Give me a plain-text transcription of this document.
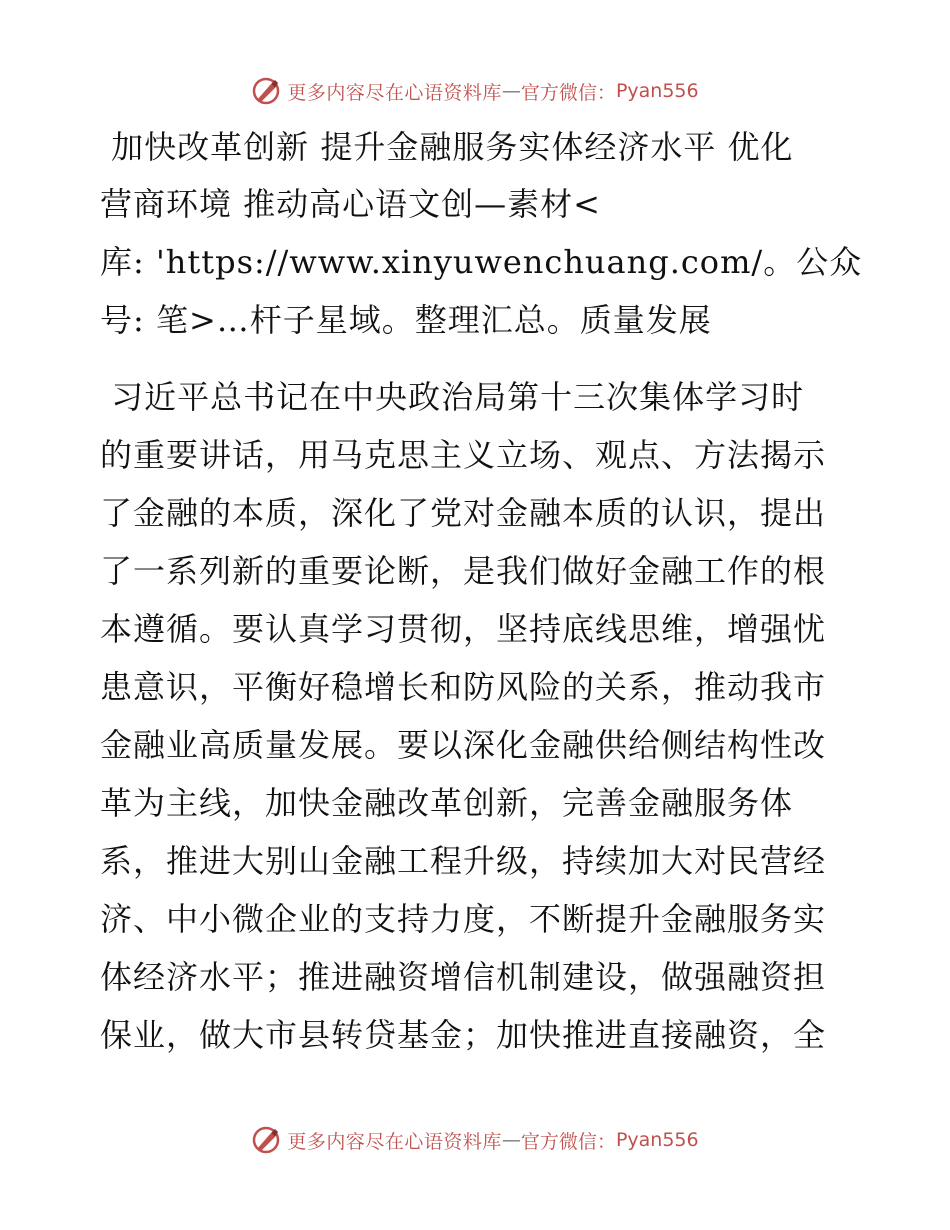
更多内容尽在心语资料库 — 官方微信： Pyan556
加快改革创新 提升金融服务实体经济水平 优化
营商环境 推动高心语文创—素材<
库: 'https://www.xinyuwenchuang.com/。公众
号: 笔>…杆子星域。整理汇总。质量发展
习近平总书记在中央政治局第十三次集体学习时
的重要讲话，用马克思主义立场、观点、方法揭示
了金融的本质，深化了党对金融本质的认识，提出
了一系列新的重要论断，是我们做好金融工作的根
本遵循。要认真学习贯彻，坚持底线思维，增强忧
患意识，平衡好稳增长和防风险的关系，推动我市
金融业高质量发展。要以深化金融供给侧结构性改
革为主线，加快金融改革创新，完善金融服务体
系，推进大别山金融工程升级，持续加大对民营经
济、中小微企业的支持力度，不断提升金融服务实
体经济水平；推进融资增信机制建设，做强融资担
保业，做大市县转贷基金；加快推进直接融资，全
更多内容尽在心语资料库 — 官方微信： Pyan556
